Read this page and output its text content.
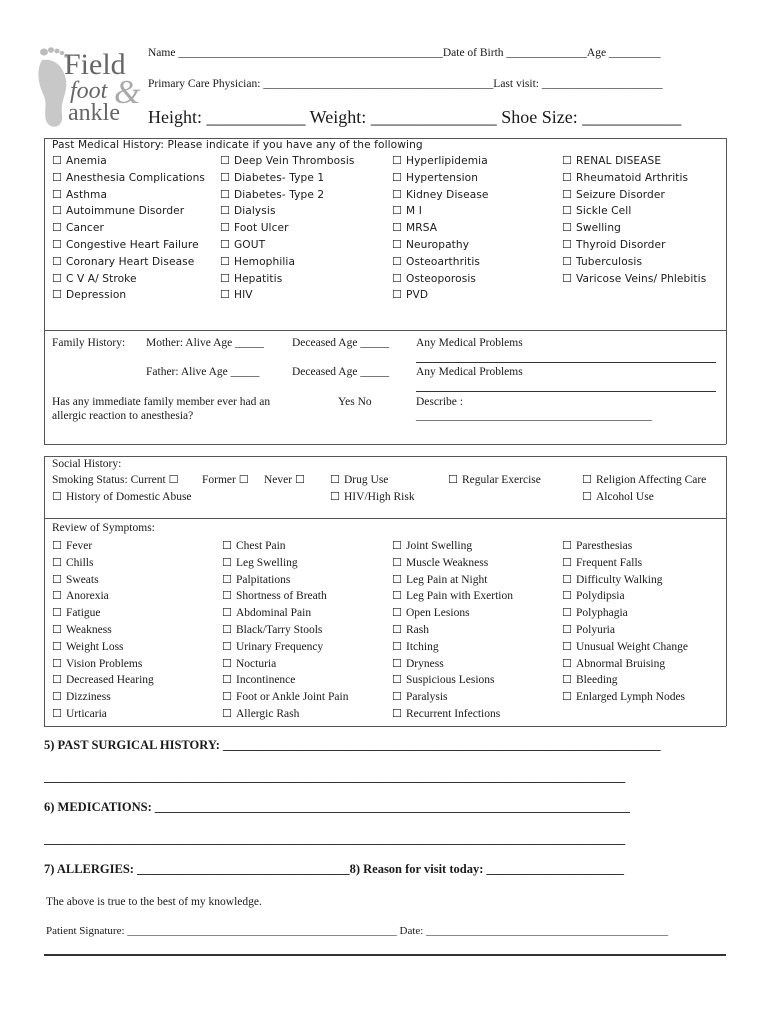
Field
foot &
ankle
Name ______________________________________________Date of Birth ______________Age _________
Primary Care Physician: ________________________________________Last visit: _____________________
Height: ___________ Weight: ______________ Shoe Size: ___________
Past Medical History: Please indicate if you have any of the following
☐ Anemia
☐ Anesthesia Complications
☐ Asthma
☐ Autoimmune Disorder
☐ Cancer
☐ Congestive Heart Failure
☐ Coronary Heart Disease
☐ C V A/ Stroke
☐ Depression
☐ Deep Vein Thrombosis
☐ Diabetes- Type 1
☐ Diabetes- Type 2
☐ Dialysis
☐ Foot Ulcer
☐ GOUT
☐ Hemophilia
☐ Hepatitis
☐ HIV
☐ Hyperlipidemia
☐ Hypertension
☐ Kidney Disease
☐ M I
☐ MRSA
☐ Neuropathy
☐ Osteoarthritis
☐ Osteoporosis
☐ PVD
☐ RENAL DISEASE
☐ Rheumatoid Arthritis
☐ Seizure Disorder
☐ Sickle Cell
☐ Swelling
☐ Thyroid Disorder
☐ Tuberculosis
☐ Varicose Veins/ Phlebitis
Family History: Mother: Alive Age _____ Deceased Age _____ Any Medical Problems
Father: Alive Age _____	Deceased Age _____ Any Medical Problems
Has any immediate family member ever had an
allergic reaction to anesthesia?
Yes No	Describe :
_________________________________________
Social History:
Smoking Status: Current ☐	Former ☐	Never ☐	☐ Drug Use	☐ Regular Exercise	☐ Religion Affecting Care
☐ History of Domestic Abuse	☐ HIV/High Risk	☐ Alcohol Use
Review of Symptoms:
☐ Fever
☐ Chills
☐ Sweats
☐ Anorexia
☐ Fatigue
☐ Weakness
☐ Weight Loss
☐ Vision Problems
☐ Decreased Hearing
☐ Dizziness
☐ Urticaria
☐ Chest Pain
☐ Leg Swelling
☐ Palpitations
☐ Shortness of Breath
☐ Abdominal Pain
☐ Black/Tarry Stools
☐ Urinary Frequency
☐ Nocturia
☐ Incontinence
☐ Foot or Ankle Joint Pain
☐ Allergic Rash
☐ Joint Swelling
☐ Muscle Weakness
☐ Leg Pain at Night
☐ Leg Pain with Exertion
☐ Open Lesions
☐ Rash
☐ Itching
☐ Dryness
☐ Suspicious Lesions
☐ Paralysis
☐ Recurrent Infections
☐ Paresthesias
☐ Frequent Falls
☐ Difficulty Walking
☐ Polydipsia
☐ Polyphagia
☐ Polyuria
☐ Unusual Weight Change
☐ Abnormal Bruising
☐ Bleeding
☐ Enlarged Lymph Nodes
5) PAST SURGICAL HISTORY: ______________________________________________________________________
_____________________________________________________________________________________________
6) MEDICATIONS: ____________________________________________________________________________
_____________________________________________________________________________________________
7) ALLERGIES: __________________________________8) Reason for visit today: ______________________
The above is true to the best of my knowledge.
Patient Signature: _________________________________________________ Date: ____________________________________________
